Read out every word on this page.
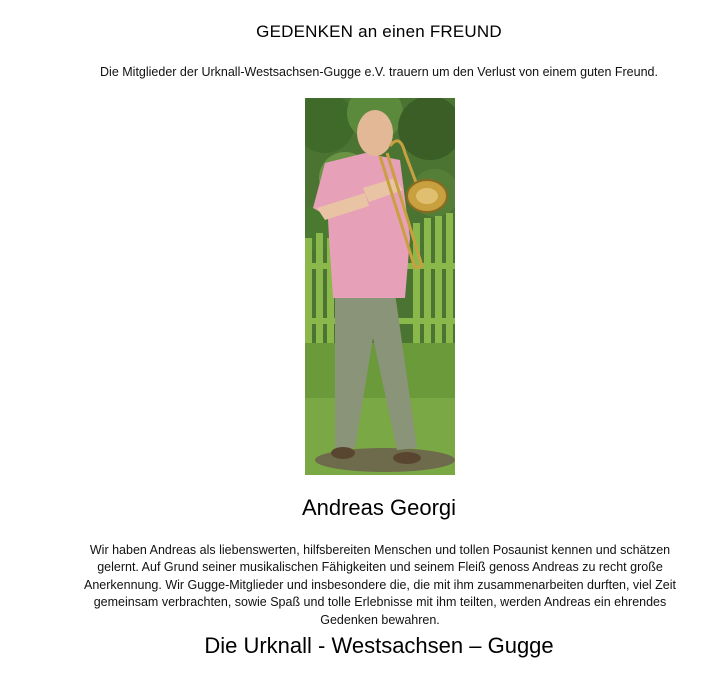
GEDENKEN an einen FREUND
Die Mitglieder der Urknall-Westsachsen-Gugge e.V. trauern um den Verlust von einem guten Freund.
Andreas Georgi
Wir haben Andreas als liebenswerten, hilfsbereiten Menschen und tollen Posaunist kennen und schätzen gelernt. Auf Grund seiner musikalischen Fähigkeiten und seinem Fleiß genoss Andreas zu recht große Anerkennung. Wir Gugge-Mitglieder und insbesondere die, die mit ihm zusammenarbeiten durften, viel Zeit gemeinsam verbrachten, sowie Spaß und tolle Erlebnisse mit ihm teilten, werden Andreas ein ehrendes Gedenken bewahren.
Die Urknall - Westsachsen – Gugge
